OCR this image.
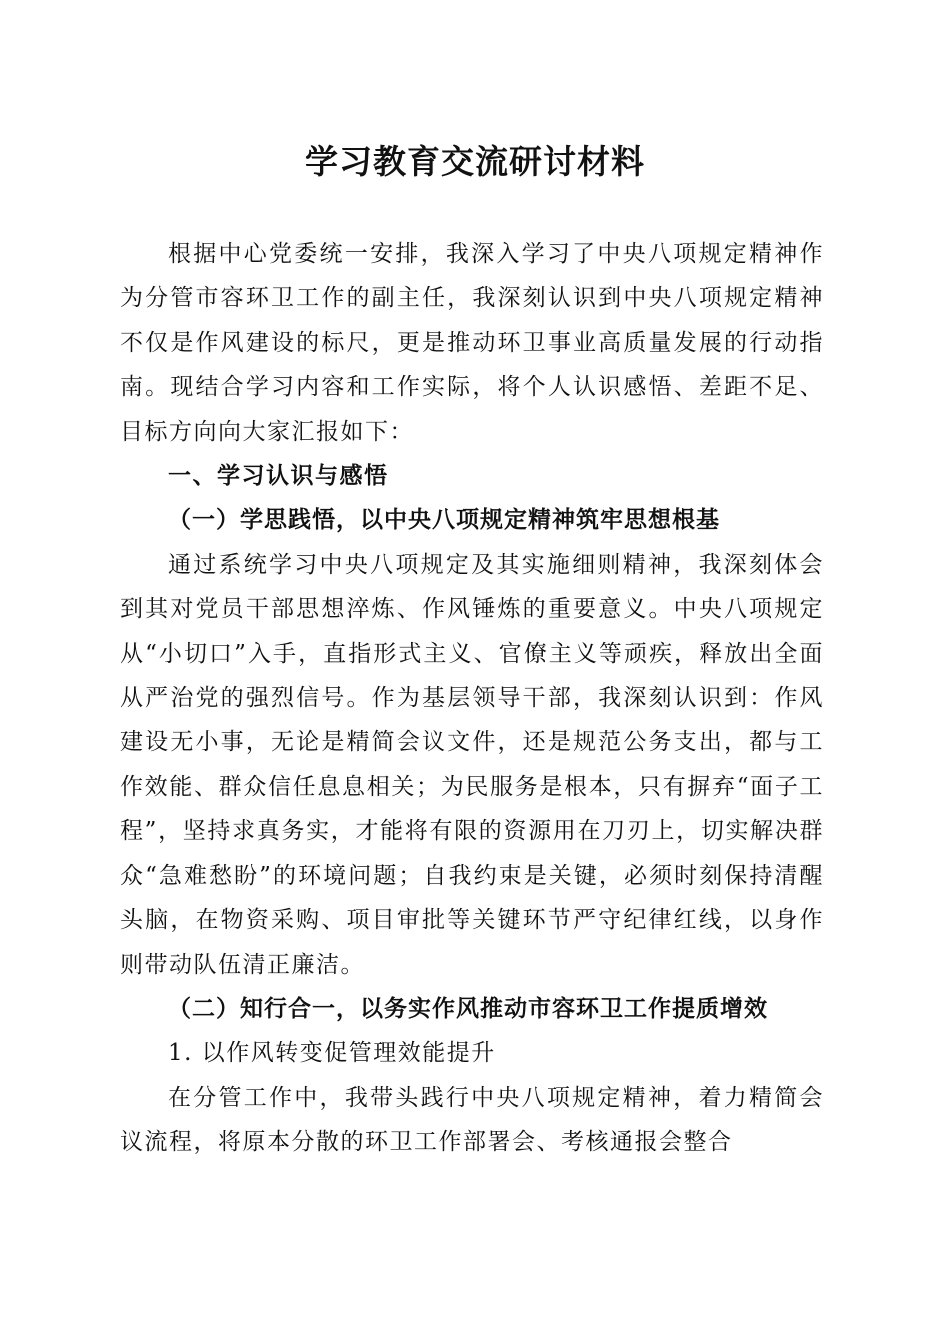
学习教育交流研讨材料

根据中心党委统一安排，我深入学习了中央八项规定精神作为分管市容环卫工作的副主任，我深刻认识到中央八项规定精神不仅是作风建设的标尺，更是推动环卫事业高质量发展的行动指南。现结合学习内容和工作实际，将个人认识感悟、差距不足、目标方向向大家汇报如下：

一、学习认识与感悟

（一）学思践悟，以中央八项规定精神筑牢思想根基

通过系统学习中央八项规定及其实施细则精神，我深刻体会到其对党员干部思想淬炼、作风锤炼的重要意义。中央八项规定从“小切口”入手，直指形式主义、官僚主义等顽疾，释放出全面从严治党的强烈信号。作为基层领导干部，我深刻认识到：作风建设无小事，无论是精简会议文件，还是规范公务支出，都与工作效能、群众信任息息相关；为民服务是根本，只有摒弃“面子工程”，坚持求真务实，才能将有限的资源用在刀刃上，切实解决群众“急难愁盼”的环境问题；自我约束是关键，必须时刻保持清醒头脑，在物资采购、项目审批等关键环节严守纪律红线，以身作则带动队伍清正廉洁。

（二）知行合一，以务实作风推动市容环卫工作提质增效

1. 以作风转变促管理效能提升

在分管工作中，我带头践行中央八项规定精神，着力精简会议流程，将原本分散的环卫工作部署会、考核通报会整合
